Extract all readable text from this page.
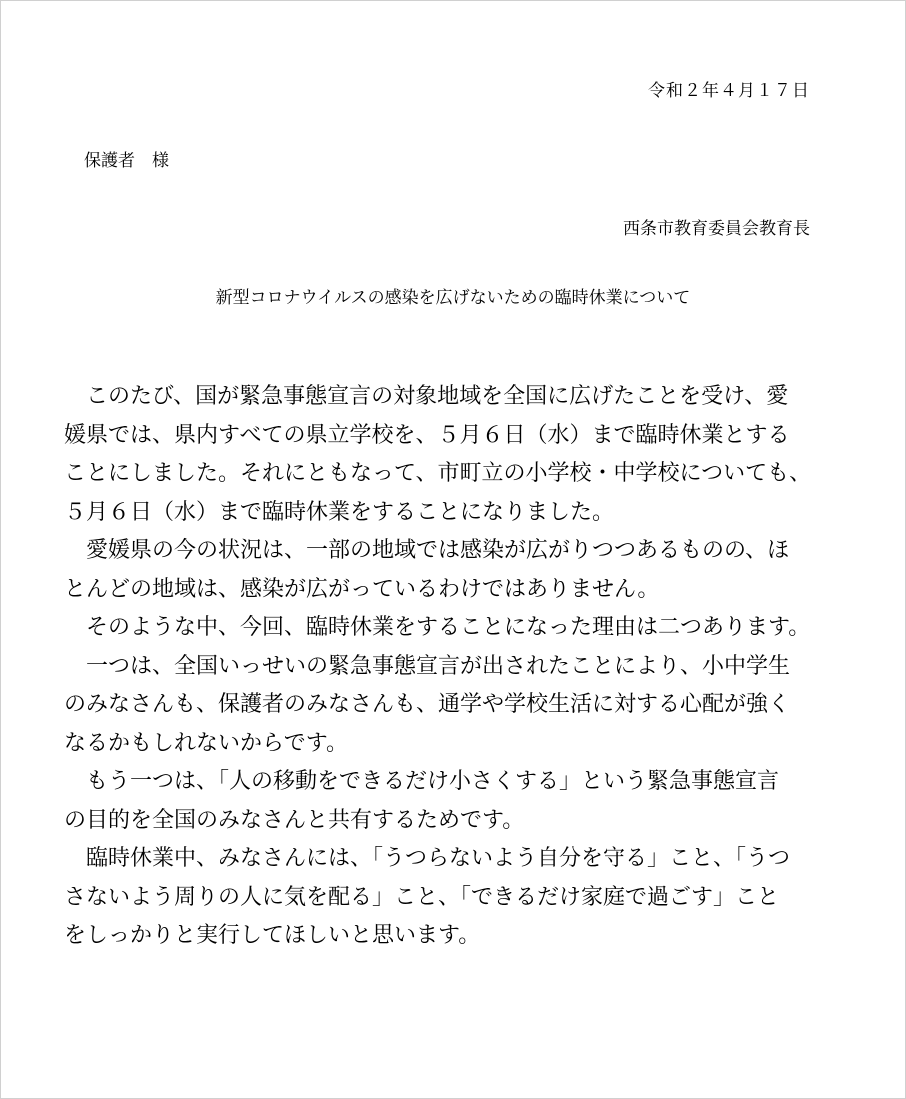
令和２年４月１７日
保護者　様
西条市教育委員会教育長
新型コロナウイルスの感染を広げないための臨時休業について
　このたび、国が緊急事態宣言の対象地域を全国に広げたことを受け、愛
媛県では、県内すべての県立学校を、５月６日（水）まで臨時休業とする
ことにしました。それにともなって、市町立の小学校・中学校についても、
５月６日（水）まで臨時休業をすることになりました。
　愛媛県の今の状況は、一部の地域では感染が広がりつつあるものの、ほ
とんどの地域は、感染が広がっているわけではありません。
　そのような中、今回、臨時休業をすることになった理由は二つあります。
　一つは、全国いっせいの緊急事態宣言が出されたことにより、小中学生
のみなさんも、保護者のみなさんも、通学や学校生活に対する心配が強く
なるかもしれないからです。
　もう一つは、「人の移動をできるだけ小さくする」という緊急事態宣言
の目的を全国のみなさんと共有するためです。
　臨時休業中、みなさんには、「うつらないよう自分を守る」こと、「うつ
さないよう周りの人に気を配る」こと、「できるだけ家庭で過ごす」こと
をしっかりと実行してほしいと思います。
